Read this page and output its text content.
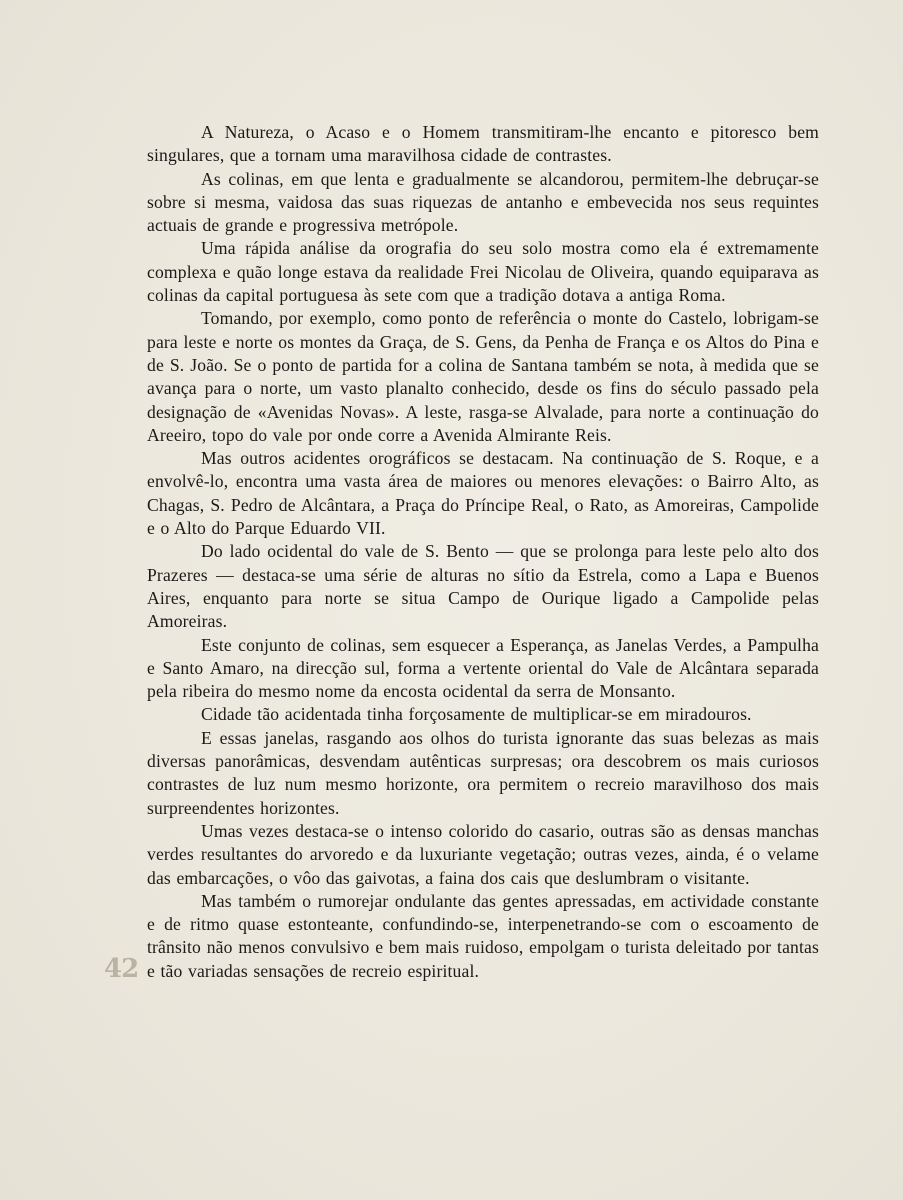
A Natureza, o Acaso e o Homem transmitiram-lhe encanto e pitoresco bem singulares, que a tornam uma maravilhosa cidade de contrastes.

As colinas, em que lenta e gradualmente se alcandorou, permitem-lhe debruçar-se sobre si mesma, vaidosa das suas riquezas de antanho e embevecida nos seus requintes actuais de grande e progressiva metrópole.

Uma rápida análise da orografia do seu solo mostra como ela é extremamente complexa e quão longe estava da realidade Frei Nicolau de Oliveira, quando equiparava as colinas da capital portuguesa às sete com que a tradição dotava a antiga Roma.

Tomando, por exemplo, como ponto de referência o monte do Castelo, lobrigam-se para leste e norte os montes da Graça, de S. Gens, da Penha de França e os Altos do Pina e de S. João. Se o ponto de partida for a colina de Santana também se nota, à medida que se avança para o norte, um vasto planalto conhecido, desde os fins do século passado pela designação de «Avenidas Novas». A leste, rasga-se Alvalade, para norte a continuação do Areeiro, topo do vale por onde corre a Avenida Almirante Reis.

Mas outros acidentes orográficos se destacam. Na continuação de S. Roque, e a envolvê-lo, encontra uma vasta área de maiores ou menores elevações: o Bairro Alto, as Chagas, S. Pedro de Alcântara, a Praça do Príncipe Real, o Rato, as Amoreiras, Campolide e o Alto do Parque Eduardo VII.

Do lado ocidental do vale de S. Bento — que se prolonga para leste pelo alto dos Prazeres — destaca-se uma série de alturas no sítio da Estrela, como a Lapa e Buenos Aires, enquanto para norte se situa Campo de Ourique ligado a Campolide pelas Amoreiras.

Este conjunto de colinas, sem esquecer a Esperança, as Janelas Verdes, a Pampulha e Santo Amaro, na direcção sul, forma a vertente oriental do Vale de Alcântara separada pela ribeira do mesmo nome da encosta ocidental da serra de Monsanto.

Cidade tão acidentada tinha forçosamente de multiplicar-se em miradouros.

E essas janelas, rasgando aos olhos do turista ignorante das suas belezas as mais diversas panorâmicas, desvendam autênticas surpresas; ora descobrem os mais curiosos contrastes de luz num mesmo horizonte, ora permitem o recreio maravilhoso dos mais surpreendentes horizontes.

Umas vezes destaca-se o intenso colorido do casario, outras são as densas manchas verdes resultantes do arvoredo e da luxuriante vegetação; outras vezes, ainda, é o velame das embarcações, o vôo das gaivotas, a faina dos cais que deslumbram o visitante.

Mas também o rumorejar ondulante das gentes apressadas, em actividade constante e de ritmo quase estonteante, confundindo-se, interpenetrando-se com o escoamento de trânsito não menos convulsivo e bem mais ruidoso, empolgam o turista deleitado por tantas e tão variadas sensações de recreio espiritual.

42
